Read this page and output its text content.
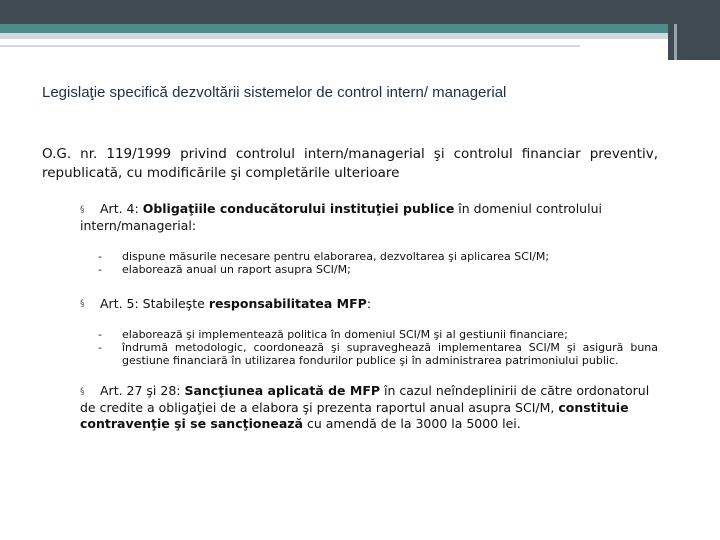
Legislaţie specifică dezvoltării sistemelor de control intern/ managerial
O.G. nr. 119/1999 privind controlul intern/managerial şi controlul financiar preventiv, republicată, cu modificările şi completările ulterioare
§ Art. 4: Obligaţiile conducătorului instituţiei publice în domeniul controlului intern/managerial:
- dispune măsurile necesare pentru elaborarea, dezvoltarea şi aplicarea SCI/M;
- elaborează anual un raport asupra SCI/M;
§ Art. 5: Stabileşte responsabilitatea MFP:
- elaborează şi implementează politica în domeniul SCI/M şi al gestiunii financiare;
- îndrumă metodologic, coordonează şi supraveghează implementarea SCI/M şi asigură buna gestiune financiară în utilizarea fondurilor publice şi în administrarea patrimoniului public.
§ Art. 27 şi 28: Sancţiunea aplicată de MFP în cazul neîndeplinirii de către ordonatorul de credite a obligaţiei de a elabora şi prezenta raportul anual asupra SCI/M, constituie contravenţie şi se sancţionează cu amendă de la 3000 la 5000 lei.
